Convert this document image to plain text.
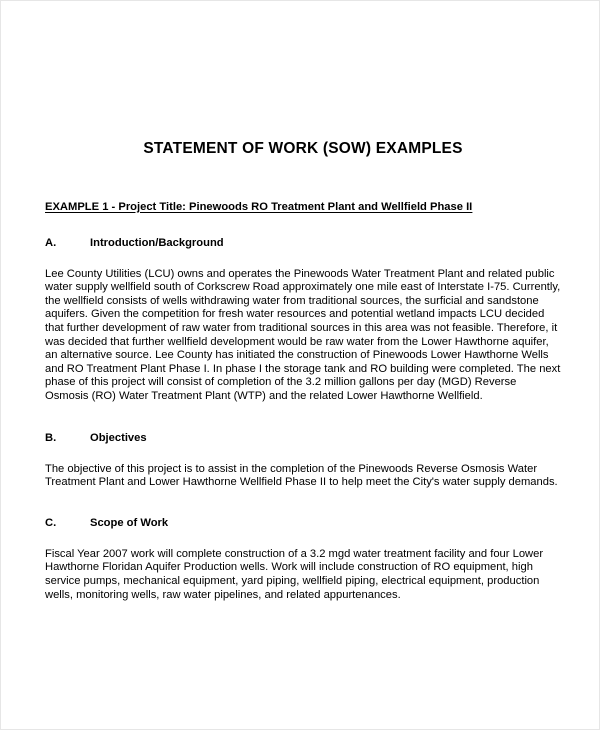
STATEMENT OF WORK (SOW) EXAMPLES
EXAMPLE 1 - Project Title: Pinewoods RO Treatment Plant and Wellfield Phase II
A.	Introduction/Background

Lee County Utilities (LCU) owns and operates the Pinewoods Water Treatment Plant and related public water supply wellfield south of Corkscrew Road approximately one mile east of Interstate I-75. Currently, the wellfield consists of wells withdrawing water from traditional sources, the surficial and sandstone aquifers. Given the competition for fresh water resources and potential wetland impacts LCU decided that further development of raw water from traditional sources in this area was not feasible. Therefore, it was decided that further wellfield development would be raw water from the Lower Hawthorne aquifer, an alternative source. Lee County has initiated the construction of Pinewoods Lower Hawthorne Wells and RO Treatment Plant Phase I. In phase I the storage tank and RO building were completed. The next phase of this project will consist of completion of the 3.2 million gallons per day (MGD) Reverse Osmosis (RO) Water Treatment Plant (WTP) and the related Lower Hawthorne Wellfield.

B.	Objectives

The objective of this project is to assist in the completion of the Pinewoods Reverse Osmosis Water Treatment Plant and Lower Hawthorne Wellfield Phase II to help meet the City's water supply demands.

C.	Scope of Work

Fiscal Year 2007 work will complete construction of a 3.2 mgd water treatment facility and four Lower Hawthorne Floridan Aquifer Production wells. Work will include construction of RO equipment, high service pumps, mechanical equipment, yard piping, wellfield piping, electrical equipment, production wells, monitoring wells, raw water pipelines, and related appurtenances.
